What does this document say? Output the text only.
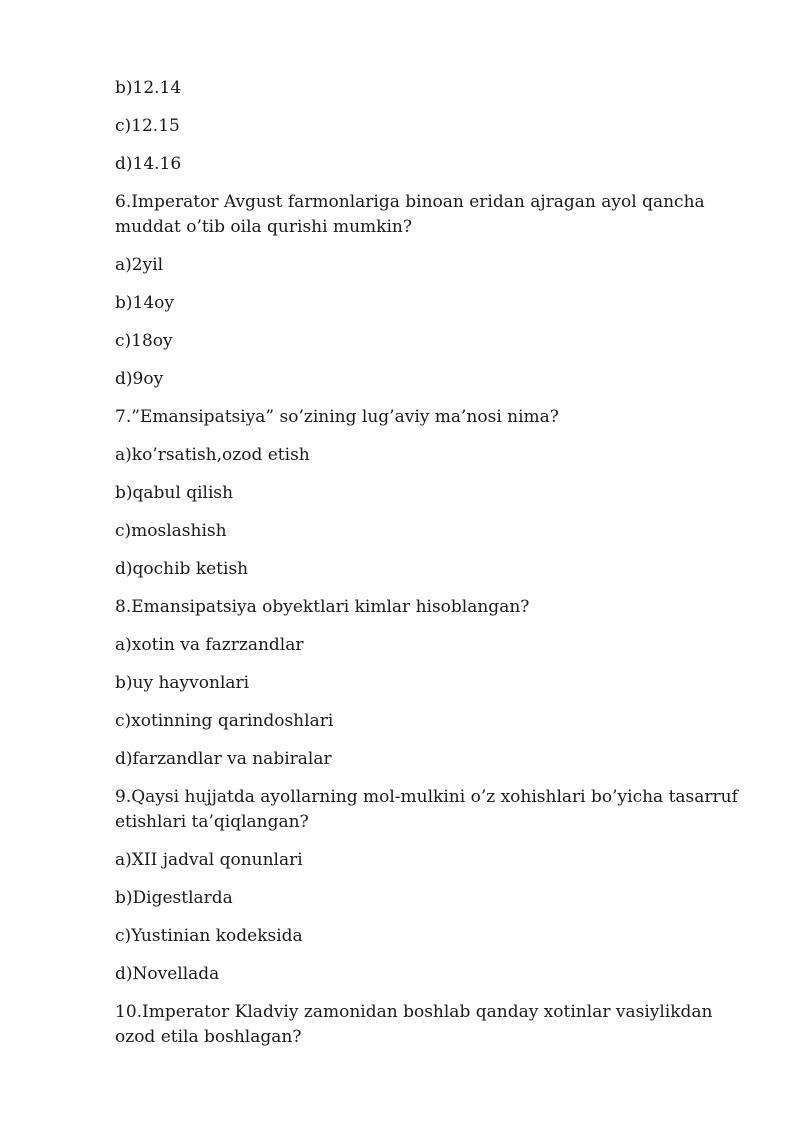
b)12.14

c)12.15

d)14.16

6.Imperator Avgust farmonlariga binoan eridan ajragan ayol qancha muddat o’tib oila qurishi mumkin?

a)2yil

b)14oy

c)18oy

d)9oy

7.”Emansipatsiya” so’zining lug’aviy ma’nosi nima?

a)ko’rsatish,ozod etish

b)qabul qilish

c)moslashish

d)qochib ketish

8.Emansipatsiya obyektlari kimlar hisoblangan?

a)xotin va fazrzandlar

b)uy hayvonlari

c)xotinning qarindoshlari

d)farzandlar va nabiralar

9.Qaysi hujjatda ayollarning mol-mulkini o’z xohishlari bo’yicha tasarruf etishlari ta’qiqlangan?

a)XII jadval qonunlari

b)Digestlarda

c)Yustinian kodeksida

d)Novellada

10.Imperator Kladviy zamonidan boshlab qanday xotinlar vasiylikdan ozod etila boshlagan?
